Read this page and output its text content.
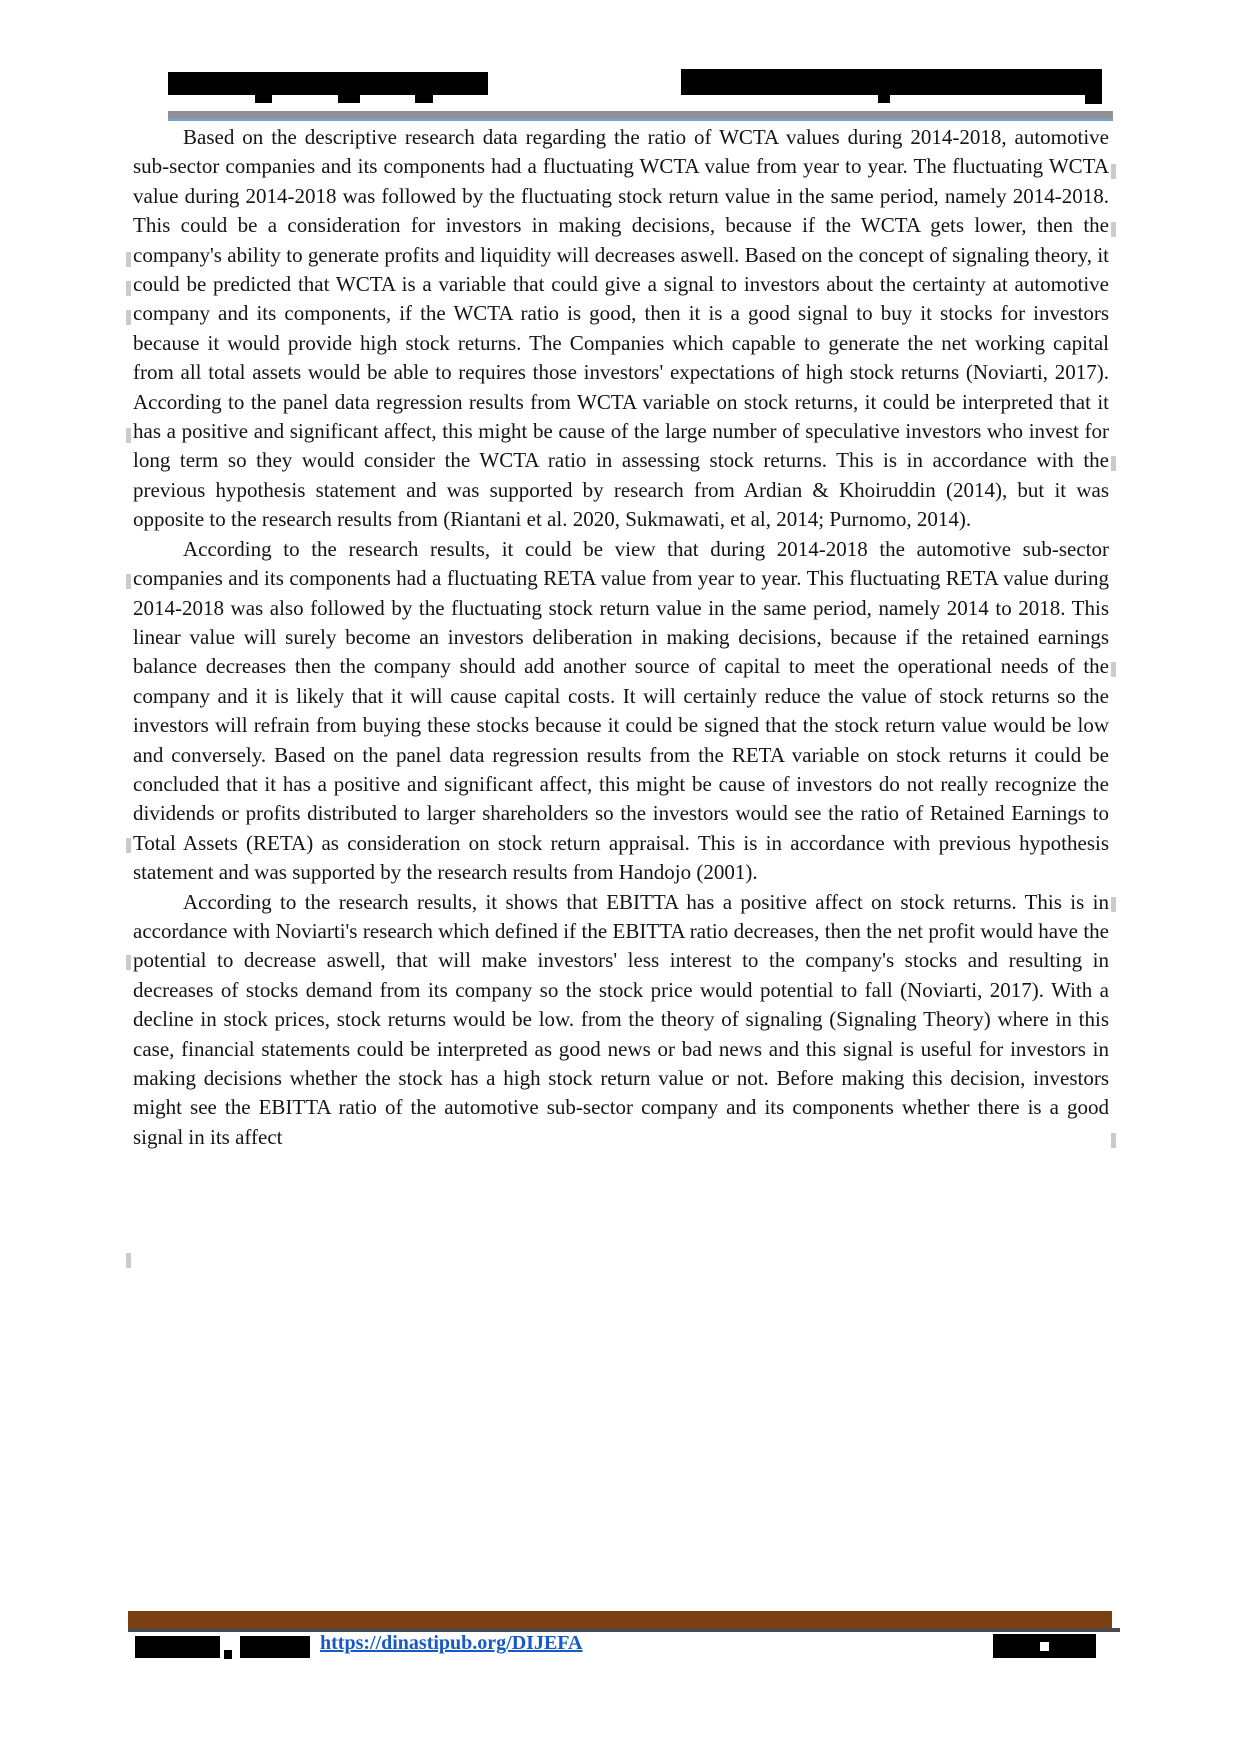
Based on the descriptive research data regarding the ratio of WCTA values during 2014-2018, automotive sub-sector companies and its components had a fluctuating WCTA value from year to year. The fluctuating WCTA value during 2014-2018 was followed by the fluctuating stock return value in the same period, namely 2014-2018. This could be a consideration for investors in making decisions, because if the WCTA gets lower, then the company's ability to generate profits and liquidity will decreases aswell. Based on the concept of signaling theory, it could be predicted that WCTA is a variable that could give a signal to investors about the certainty at automotive company and its components, if the WCTA ratio is good, then it is a good signal to buy it stocks for investors because it would provide high stock returns. The Companies which capable to generate the net working capital from all total assets would be able to requires those investors' expectations of high stock returns (Noviarti, 2017). According to the panel data regression results from WCTA variable on stock returns, it could be interpreted that it has a positive and significant affect, this might be cause of the large number of speculative investors who invest for long term so they would consider the WCTA ratio in assessing stock returns. This is in accordance with the previous hypothesis statement and was supported by research from Ardian & Khoiruddin (2014), but it was opposite to the research results from (Riantani et al. 2020, Sukmawati, et al, 2014; Purnomo, 2014).

According to the research results, it could be view that during 2014-2018 the automotive sub-sector companies and its components had a fluctuating RETA value from year to year. This fluctuating RETA value during 2014-2018 was also followed by the fluctuating stock return value in the same period, namely 2014 to 2018. This linear value will surely become an investors deliberation in making decisions, because if the retained earnings balance decreases then the company should add another source of capital to meet the operational needs of the company and it is likely that it will cause capital costs. It will certainly reduce the value of stock returns so the investors will refrain from buying these stocks because it could be signed that the stock return value would be low and conversely. Based on the panel data regression results from the RETA variable on stock returns it could be concluded that it has a positive and significant affect, this might be cause of investors do not really recognize the dividends or profits distributed to larger shareholders so the investors would see the ratio of Retained Earnings to Total Assets (RETA) as consideration on stock return appraisal. This is in accordance with previous hypothesis statement and was supported by the research results from Handojo (2001).

According to the research results, it shows that EBITTA has a positive affect on stock returns. This is in accordance with Noviarti's research which defined if the EBITTA ratio decreases, then the net profit would have the potential to decrease aswell, that will make investors' less interest to the company's stocks and resulting in decreases of stocks demand from its company so the stock price would potential to fall (Noviarti, 2017). With a decline in stock prices, stock returns would be low. from the theory of signaling (Signaling Theory) where in this case, financial statements could be interpreted as good news or bad news and this signal is useful for investors in making decisions whether the stock has a high stock return value or not. Before making this decision, investors might see the EBITTA ratio of the automotive sub-sector company and its components whether there is a good signal in its affect

https://dinastipub.org/DIJEFA
